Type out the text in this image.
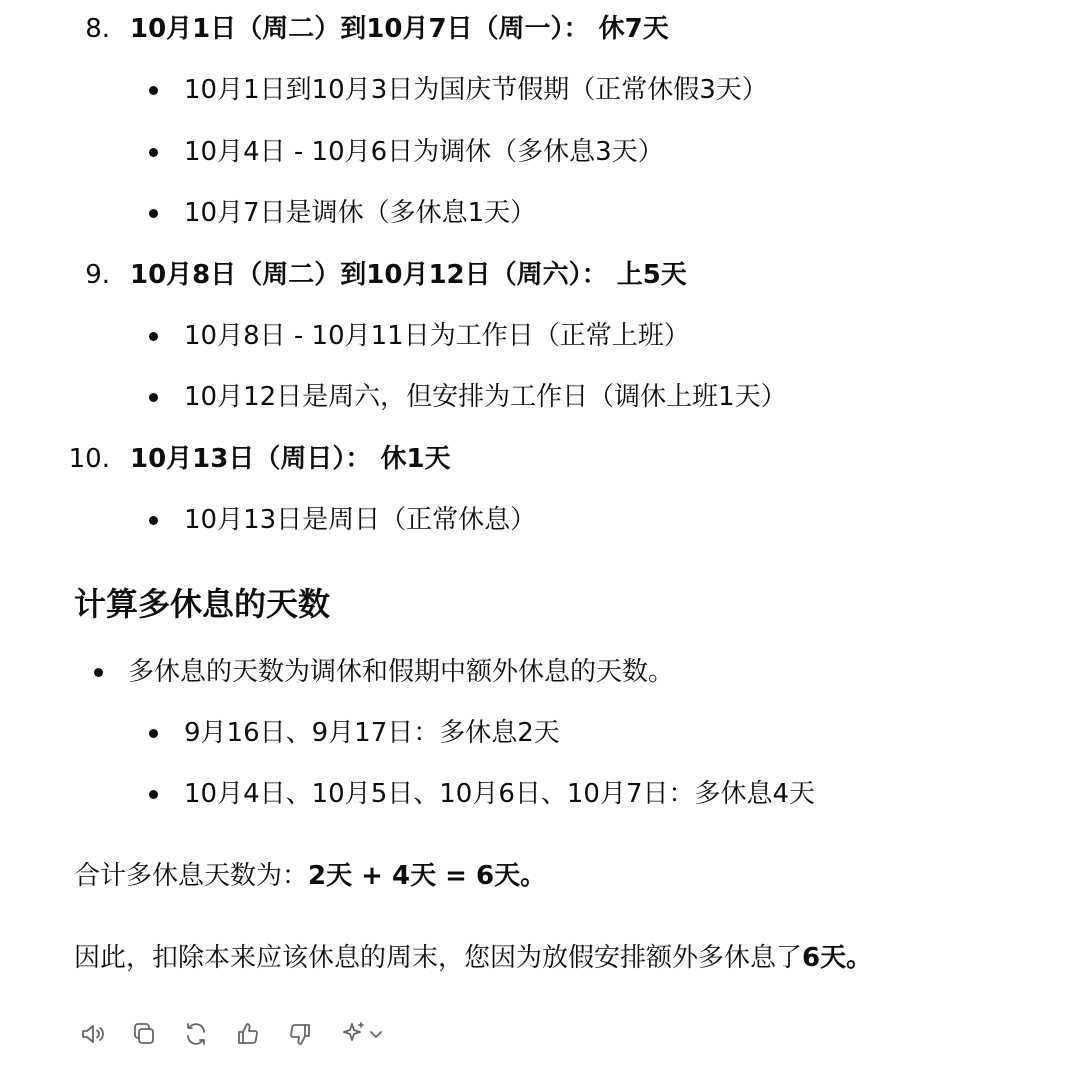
8. 10月1日（周二）到10月7日（周一）： 休7天
10月1日到10月3日为国庆节假期（正常休假3天）
10月4日 - 10月6日为调休（多休息3天）
10月7日是调休（多休息1天）
9. 10月8日（周二）到10月12日（周六）： 上5天
10月8日 - 10月11日为工作日（正常上班）
10月12日是周六，但安排为工作日（调休上班1天）
10. 10月13日（周日）： 休1天
10月13日是周日（正常休息）
计算多休息的天数
多休息的天数为调休和假期中额外休息的天数。
9月16日、9月17日：多休息2天
10月4日、10月5日、10月6日、10月7日：多休息4天
合计多休息天数为：2天 + 4天 = 6天。
因此，扣除本来应该休息的周末，您因为放假安排额外多休息了6天。
